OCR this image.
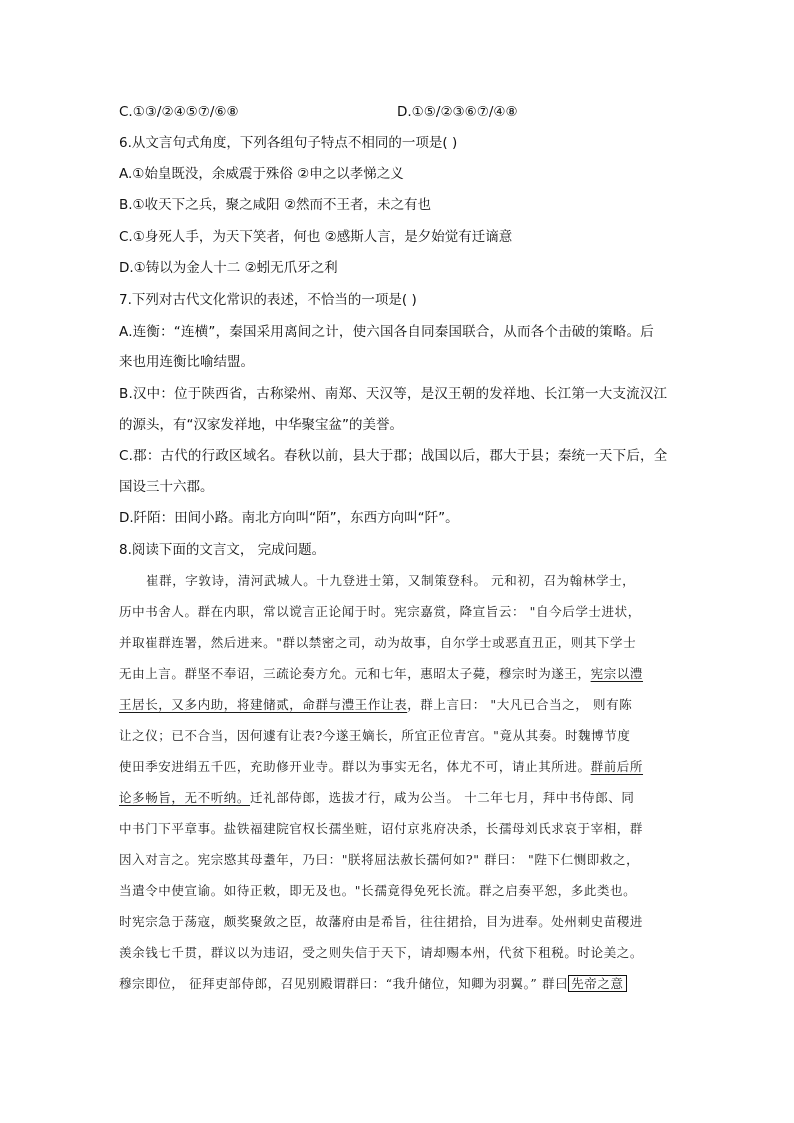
C.①③/②④⑤⑦/⑥⑧	D.①⑤/②③⑥⑦/④⑧
6.从文言句式角度，下列各组句子特点不相同的一项是( )
A.①始皇既没，余威震于殊俗 ②申之以孝悌之义
B.①收天下之兵，聚之咸阳 ②然而不王者，未之有也
C.①身死人手，为天下笑者，何也 ②感斯人言，是夕始觉有迁谪意
D.①铸以为金人十二 ②蚓无爪牙之利
7.下列对古代文化常识的表述，不恰当的一项是( )
A.连衡：“连横”，秦国采用离间之计，使六国各自同秦国联合，从而各个击破的策略。后
来也用连衡比喻结盟。
B.汉中：位于陕西省，古称梁州、南郑、天汉等，是汉王朝的发祥地、长江第一大支流汉江
的源头，有“汉家发祥地，中华聚宝盆”的美誉。
C.郡：古代的行政区域名。春秋以前，县大于郡；战国以后，郡大于县；秦统一天下后，全
国设三十六郡。
D.阡陌：田间小路。南北方向叫“陌”，东西方向叫“阡”。
8.阅读下面的文言文， 完成问题。
崔群，字敦诗，清河武城人。十九登进士第，又制策登科。 元和初，召为翰林学士，
历中书舍人。群在内职，常以谠言正论闻于时。宪宗嘉赏，降宣旨云： "自今后学士进状，
并取崔群连署，然后进来。"群以禁密之司，动为故事，自尔学士或恶直丑正，则其下学士
无由上言。群坚不奉诏，三疏论奏方允。元和七年，惠昭太子薨，穆宗时为遂王，宪宗以澧
王居长，又多内助，将建储贰，命群与澧王作让表，群上言曰： "大凡已合当之， 则有陈
让之仪；已不合当，因何遽有让表?今遂王嫡长，所宜正位青宫。"竟从其奏。时魏博节度
使田季安进绢五千匹，充助修开业寺。群以为事实无名，体尤不可，请止其所进。群前后所
论多畅旨，无不听纳。迁礼部侍郎，选拔才行，咸为公当。 十二年七月，拜中书侍郎、同
中书门下平章事。盐铁福建院官权长孺坐赃，诏付京兆府决杀，长孺母刘氏求哀于宰相，群
因入对言之。宪宗愍其母耋年，乃曰："朕将屈法赦长孺何如?" 群曰： "陛下仁恻即救之，
当遣令中使宣谕。如待正敕，即无及也。"长孺竟得免死长流。群之启奏平恕，多此类也。
时宪宗急于荡寇，颇奖聚敛之臣，故藩府由是希旨，往往捃拾，目为进奉。处州刺史苗稷进
羡余钱七千贯，群议以为违诏，受之则失信于天下，请却赐本州，代贫下租税。时论美之。
穆宗即位， 征拜吏部侍郎，召见别殿谓群曰：“我升储位，知卿为羽翼。” 群曰 先帝之意
